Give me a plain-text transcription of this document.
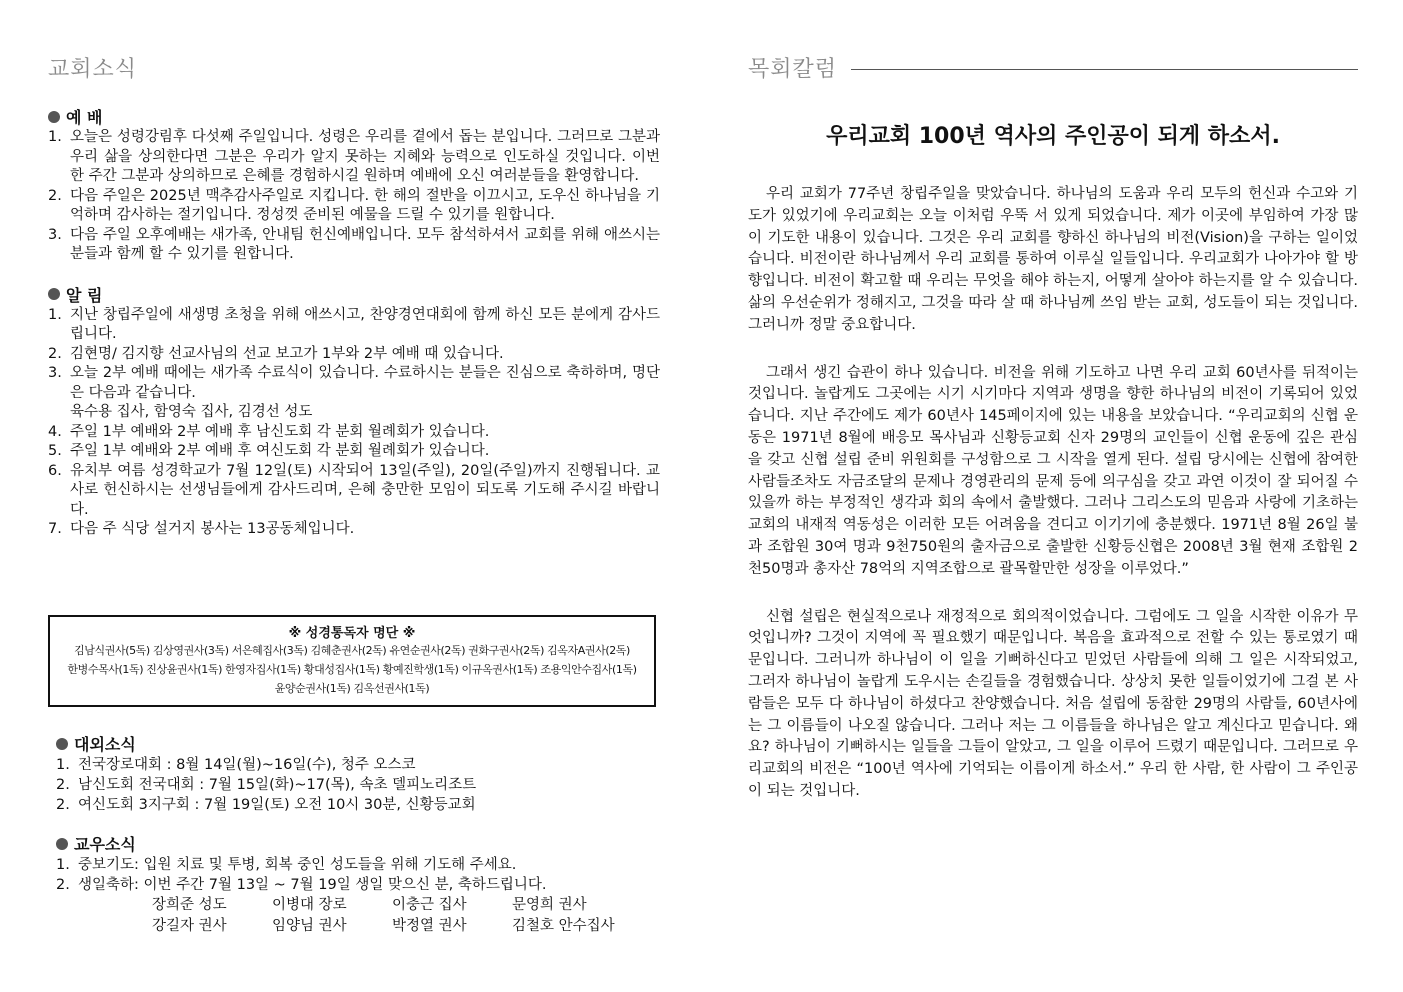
교회소식
예 배
1. 오늘은 성령강림후 다섯째 주일입니다. 성령은 우리를 곁에서 돕는 분입니다. 그러므로 그분과 우리 삶을 상의한다면 그분은 우리가 알지 못하는 지혜와 능력으로 인도하실 것입니다. 이번 한 주간 그분과 상의하므로 은혜를 경험하시길 원하며 예배에 오신 여러분들을 환영합니다.
2. 다음 주일은 2025년 맥추감사주일로 지킵니다. 한 해의 절반을 이끄시고, 도우신 하나님을 기억하며 감사하는 절기입니다. 정성껏 준비된 예물을 드릴 수 있기를 원합니다.
3. 다음 주일 오후예배는 새가족, 안내팀 헌신예배입니다. 모두 참석하셔서 교회를 위해 애쓰시는 분들과 함께 할 수 있기를 원합니다.
알 림
1. 지난 창립주일에 새생명 초청을 위해 애쓰시고, 찬양경연대회에 함께 하신 모든 분에게 감사드립니다.
2. 김현명/ 김지향 선교사님의 선교 보고가 1부와 2부 예배 때 있습니다.
3. 오늘 2부 예배 때에는 새가족 수료식이 있습니다. 수료하시는 분들은 진심으로 축하하며, 명단은 다음과 같습니다.
육수용 집사, 함영숙 집사, 김경선 성도
4. 주일 1부 예배와 2부 예배 후 남신도회 각 분회 월례회가 있습니다.
5. 주일 1부 예배와 2부 예배 후 여신도회 각 분회 월례회가 있습니다.
6. 유치부 여름 성경학교가 7월 12일(토) 시작되어 13일(주일), 20일(주일)까지 진행됩니다. 교사로 헌신하시는 선생님들에게 감사드리며, 은혜 충만한 모임이 되도록 기도해 주시길 바랍니다.
7. 다음 주 식당 설거지 봉사는 13공동체입니다.
※ 성경통독자 명단 ※
김남식권사(5독) 김상영권사(3독) 서은혜집사(3독) 김혜춘권사(2독) 유연순권사(2독) 권화구권사(2독) 김옥자A권사(2독)
한병수목사(1독) 진상윤권사(1독) 한영자집사(1독) 황대성집사(1독) 황예진학생(1독) 이규옥권사(1독) 조용익안수집사(1독)
윤양순권사(1독) 김옥선권사(1독)
대외소식
1. 전국장로대회 : 8월 14일(월)~16일(수), 청주 오스코
2. 남신도회 전국대회 : 7월 15일(화)~17(목), 속초 델피노리조트
2. 여신도회 3지구회 : 7월 19일(토) 오전 10시 30분, 신황등교회
교우소식
1. 중보기도: 입원 치료 및 투병, 회복 중인 성도들을 위해 기도해 주세요.
2. 생일축하: 이번 주간 7월 13일 ~ 7월 19일 생일 맞으신 분, 축하드립니다.
장희준 성도	이병대 장로	이충근 집사	문영희 권사
강길자 권사	임양님 권사	박정열 권사	김철호 안수집사
목회칼럼
우리교회 100년 역사의 주인공이 되게 하소서.

우리 교회가 77주년 창립주일을 맞았습니다. 하나님의 도움과 우리 모두의 헌신과 수고와 기도가 있었기에 우리교회는 오늘 이처럼 우뚝 서 있게 되었습니다. 제가 이곳에 부임하여 가장 많이 기도한 내용이 있습니다. 그것은 우리 교회를 향하신 하나님의 비전(Vision)을 구하는 일이었습니다. 비전이란 하나님께서 우리 교회를 통하여 이루실 일들입니다. 우리교회가 나아가야 할 방향입니다. 비전이 확고할 때 우리는 무엇을 해야 하는지, 어떻게 살아야 하는지를 알 수 있습니다. 삶의 우선순위가 정해지고, 그것을 따라 살 때 하나님께 쓰임 받는 교회, 성도들이 되는 것입니다. 그러니까 정말 중요합니다.

그래서 생긴 습관이 하나 있습니다. 비전을 위해 기도하고 나면 우리 교회 60년사를 뒤적이는 것입니다. 놀랍게도 그곳에는 시기 시기마다 지역과 생명을 향한 하나님의 비전이 기록되어 있었습니다. 지난 주간에도 제가 60년사 145페이지에 있는 내용을 보았습니다. “우리교회의 신협 운동은 1971년 8월에 배응모 목사님과 신황등교회 신자 29명의 교인들이 신협 운동에 깊은 관심을 갖고 신협 설립 준비 위원회를 구성함으로 그 시작을 열게 된다. 설립 당시에는 신협에 참여한 사람들조차도 자금조달의 문제나 경영관리의 문제 등에 의구심을 갖고 과연 이것이 잘 되어질 수 있을까 하는 부정적인 생각과 회의 속에서 출발했다. 그러나 그리스도의 믿음과 사랑에 기초하는 교회의 내재적 역동성은 이러한 모든 어려움을 견디고 이기기에 충분했다. 1971년 8월 26일 불과 조합원 30여 명과 9천750원의 출자금으로 출발한 신황등신협은 2008년 3월 현재 조합원 2천50명과 총자산 78억의 지역조합으로 괄목할만한 성장을 이루었다.”

신협 설립은 현실적으로나 재정적으로 회의적이었습니다. 그럼에도 그 일을 시작한 이유가 무엇입니까? 그것이 지역에 꼭 필요했기 때문입니다. 복음을 효과적으로 전할 수 있는 통로였기 때문입니다. 그러니까 하나님이 이 일을 기뻐하신다고 믿었던 사람들에 의해 그 일은 시작되었고, 그러자 하나님이 놀랍게 도우시는 손길들을 경험했습니다. 상상치 못한 일들이었기에 그걸 본 사람들은 모두 다 하나님이 하셨다고 찬양했습니다. 처음 설립에 동참한 29명의 사람들, 60년사에는 그 이름들이 나오질 않습니다. 그러나 저는 그 이름들을 하나님은 알고 계신다고 믿습니다. 왜요? 하나님이 기뻐하시는 일들을 그들이 알았고, 그 일을 이루어 드렸기 때문입니다. 그러므로 우리교회의 비전은 “100년 역사에 기억되는 이름이게 하소서.” 우리 한 사람, 한 사람이 그 주인공이 되는 것입니다.
